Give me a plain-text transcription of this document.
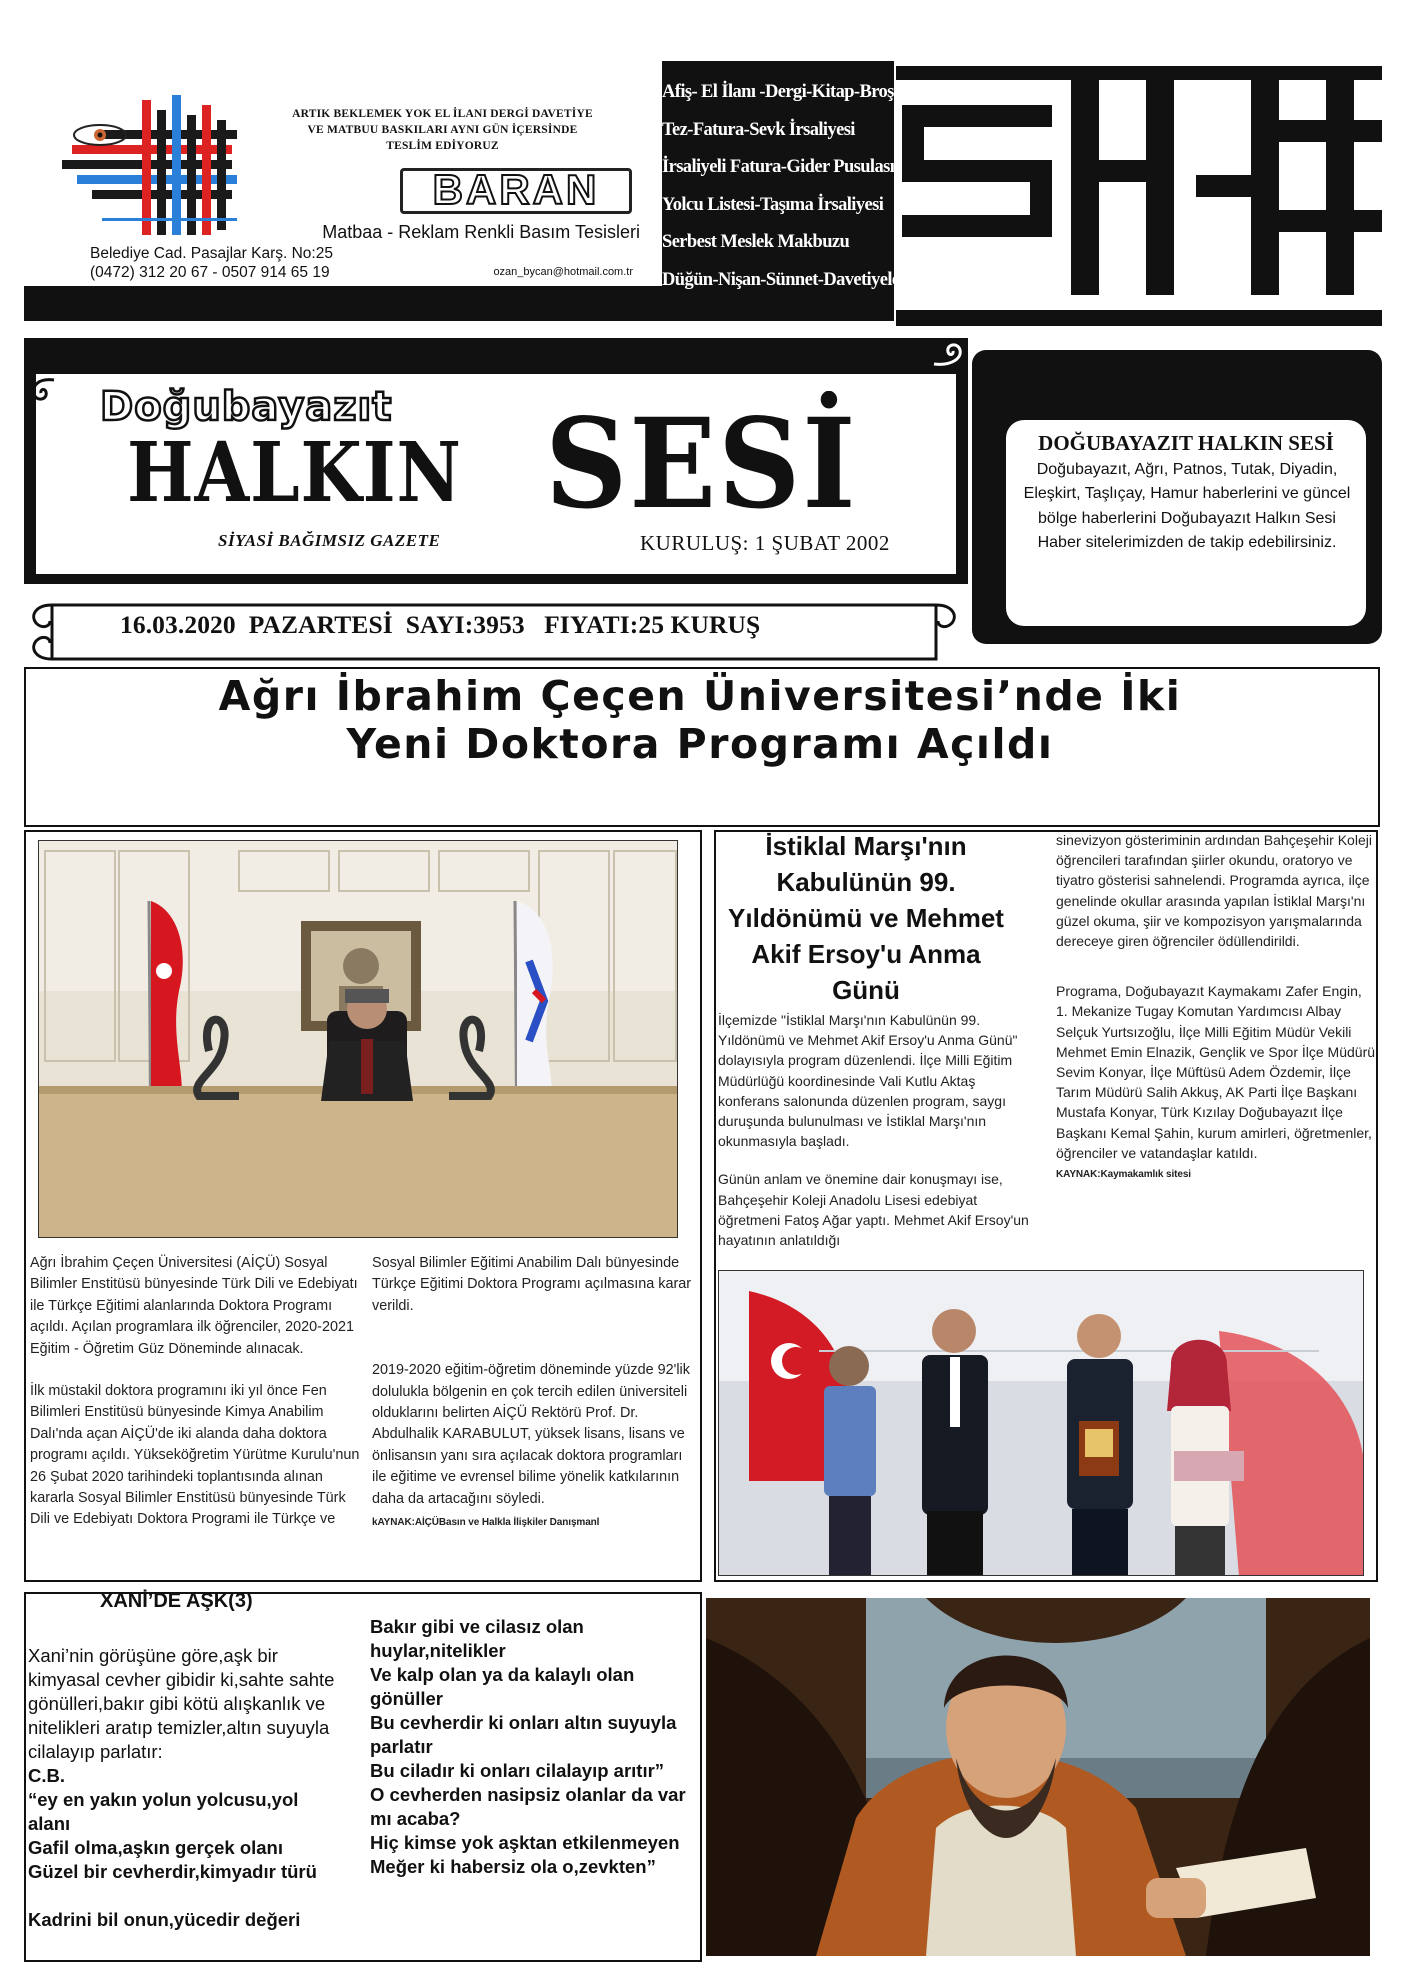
ARTIK BEKLEMEK YOK EL İLANI DERGİ DAVETİYE
VE MATBUU BASKILARI AYNI GÜN İÇERSİNDE
TESLİM EDİYORUZ
BARAN
Matbaa - Reklam Renkli Basım Tesisleri
Belediye Cad. Pasajlar Karş. No:25
(0472) 312 20 67 - 0507 914 65 19	ozan_bycan@hotmail.com.tr
Afiş- El İlanı -Dergi-Kitap-Broşür
Tez-Fatura-Sevk İrsaliyesi
İrsaliyeli Fatura-Gider Pusulası
Yolcu Listesi-Taşıma İrsaliyesi
Serbest Meslek Makbuzu
Düğün-Nişan-Sünnet-Davetiyeleri
Doğubayazıt
HALKIN SESİ
SİYASİ BAĞIMSIZ GAZETE	KURULUŞ: 1 ŞUBAT 2002
DOĞUBAYAZIT HALKIN SESİ
Doğubayazıt, Ağrı, Patnos, Tutak, Diyadin, Eleşkirt, Taşlıçay, Hamur haberlerini ve güncel bölge haberlerini Doğubayazıt Halkın Sesi Haber sitelerimizden de takip edebilirsiniz.
16.03.2020  PAZARTESİ  SAYI:3953   FIYATI:25 KURUŞ
Ağrı İbrahim Çeçen Üniversitesi’nde İki
Yeni Doktora Programı Açıldı

Ağrı İbrahim Çeçen Üniversitesi (AİÇÜ) Sosyal Bilimler Enstitüsü bünyesinde Türk Dili ve Edebiyatı ile Türkçe Eğitimi alanlarında Doktora Programı açıldı. Açılan programlara ilk öğrenciler, 2020-2021 Eğitim - Öğretim Güz Döneminde alınacak.

İlk müstakil doktora programını iki yıl önce Fen Bilimleri Enstitüsü bünyesinde Kimya Anabilim Dalı'nda açan AİÇÜ'de iki alanda daha doktora programı açıldı. Yükseköğretim Yürütme Kurulu'nun 26 Şubat 2020 tarihindeki toplantısında alınan kararla Sosyal Bilimler Enstitüsü bünyesinde Türk Dili ve Edebiyatı Doktora Programi ile Türkçe ve

Sosyal Bilimler Eğitimi Anabilim Dalı bünyesinde Türkçe Eğitimi Doktora Programı açılmasına karar verildi.

2019-2020 eğitim-öğretim döneminde yüzde 92'lik dolulukla bölgenin en çok tercih edilen üniversiteli olduklarını belirten AİÇÜ Rektörü Prof. Dr. Abdulhalik KARABULUT, yüksek lisans, lisans ve önlisansın yanı sıra açılacak doktora programları ile eğitime ve evrensel bilime yönelik katkılarının daha da artacağını söyledi.

kAYNAK:AİÇÜBasın ve Halkla İlişkiler Danışmanl

İstiklal Marşı'nın Kabulünün 99. Yıldönümü ve Mehmet Akif Ersoy'u Anma Günü

İlçemizde "İstiklal Marşı'nın Kabulünün 99. Yıldönümü ve Mehmet Akif Ersoy'u Anma Günü" dolayısıyla program düzenlendi. İlçe Milli Eğitim Müdürlüğü koordinesinde Vali Kutlu Aktaş konferans salonunda düzenlen program, saygı duruşunda bulunulması ve İstiklal Marşı'nın okunmasıyla başladı.

Günün anlam ve önemine dair konuşmayı ise, Bahçeşehir Koleji Anadolu Lisesi edebiyat öğretmeni Fatoş Ağar yaptı. Mehmet Akif Ersoy'un hayatının anlatıldığı

sinevizyon gösteriminin ardından Bahçeşehir Koleji öğrencileri tarafından şiirler okundu, oratoryo ve tiyatro gösterisi sahnelendi. Programda ayrıca, ilçe genelinde okullar arasında yapılan İstiklal Marşı'nı güzel okuma, şiir ve kompozisyon yarışmalarında dereceye giren öğrenciler ödüllendirildi.

Programa, Doğubayazıt Kaymakamı Zafer Engin, 1. Mekanize Tugay Komutan Yardımcısı Albay Selçuk Yurtsızoğlu, İlçe Milli Eğitim Müdür Vekili Mehmet Emin Elnazik, Gençlik ve Spor İlçe Müdürü Sevim Konyar, İlçe Müftüsü Adem Özdemir, İlçe Tarım Müdürü Salih Akkuş, AK Parti İlçe Başkanı Mustafa Konyar, Türk Kızılay Doğubayazıt İlçe Başkanı Kemal Şahin, kurum amirleri, öğretmenler, öğrenciler ve vatandaşlar katıldı.

KAYNAK:Kaymakamlık sitesi

XANİ’DE AŞK(3)

Xani’nin görüşüne göre,aşk bir kimyasal cevher gibidir ki,sahte sahte gönülleri,bakır gibi kötü alışkanlık ve nitelikleri aratıp temizler,altın suyuyla cilalayıp parlatır:

C.B.

“ey en yakın yolun yolcusu,yol alanı

Gafil olma,aşkın gerçek olanı

Güzel bir cevherdir,kimyadır türü

Kadrini bil onun,yücedir değeri

Bakır gibi ve cilasız olan huylar,nitelikler

Ve kalp olan ya da kalaylı olan gönüller

Bu cevherdir ki onları altın suyuyla parlatır

Bu ciladır ki onları cilalayıp arıtır”

O cevherden nasipsiz olanlar da var mı acaba?

Hiç kimse yok aşktan etkilenmeyen

Meğer ki habersiz ola o,zevkten”
